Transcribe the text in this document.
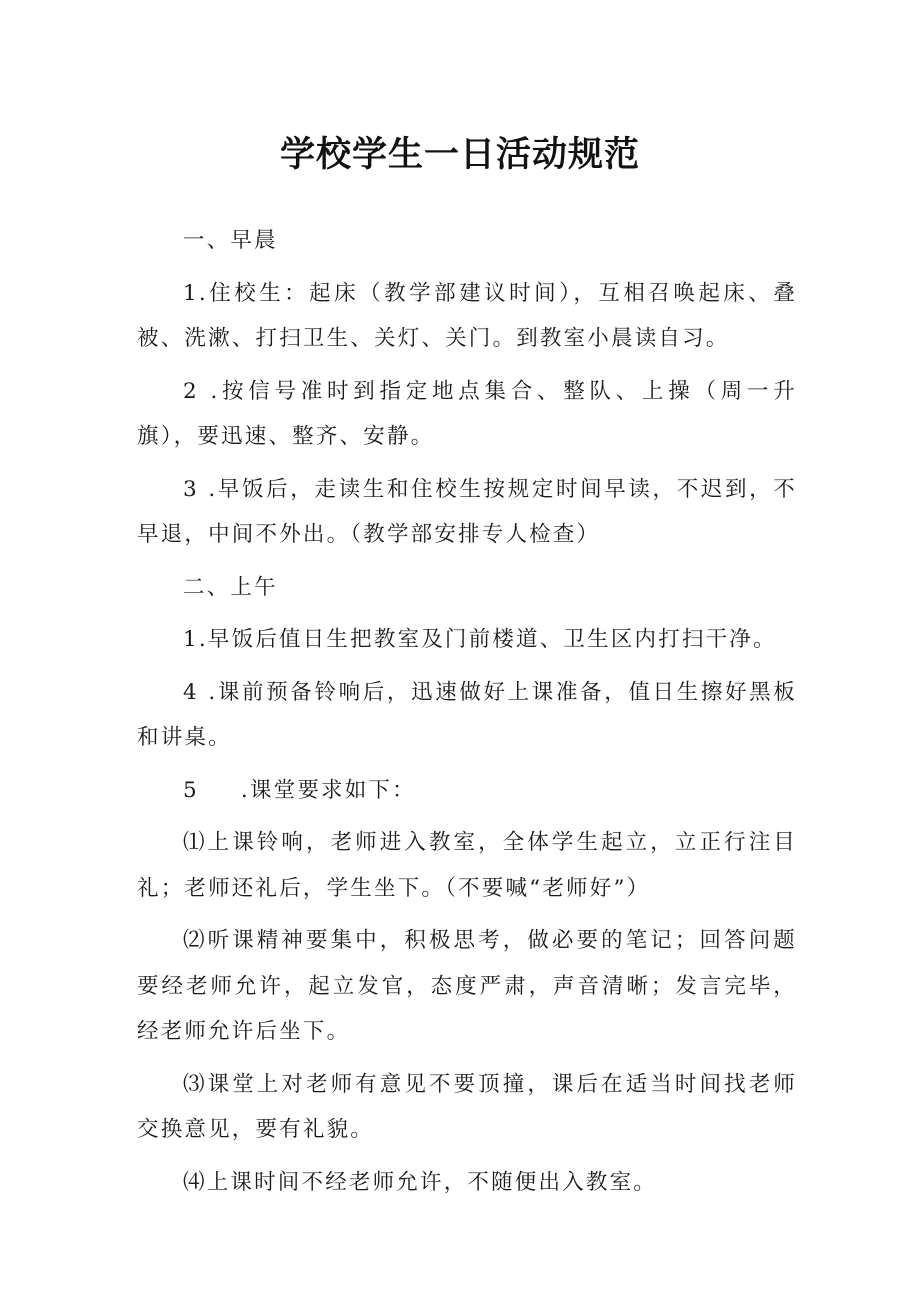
学校学生一日活动规范

一、早晨

1.住校生：起床（教学部建议时间），互相召唤起床、叠被、洗漱、打扫卫生、关灯、关门。到教室小晨读自习。

2 .按信号准时到指定地点集合、整队、上操（周一升旗），要迅速、整齐、安静。

3 .早饭后，走读生和住校生按规定时间早读，不迟到，不早退，中间不外出。（教学部安排专人检查）

二、上午

1.早饭后值日生把教室及门前楼道、卫生区内打扫干净。

4 .课前预备铃响后，迅速做好上课准备，值日生擦好黑板和讲桌。

5 .课堂要求如下：

⑴上课铃响，老师进入教室，全体学生起立，立正行注目礼；老师还礼后，学生坐下。（不要喊“老师好”）

⑵听课精神要集中，积极思考，做必要的笔记；回答问题要经老师允许，起立发官，态度严肃，声音清晰；发言完毕，经老师允许后坐下。

⑶课堂上对老师有意见不要顶撞，课后在适当时间找老师交换意见，要有礼貌。

⑷上课时间不经老师允许，不随便出入教室。
